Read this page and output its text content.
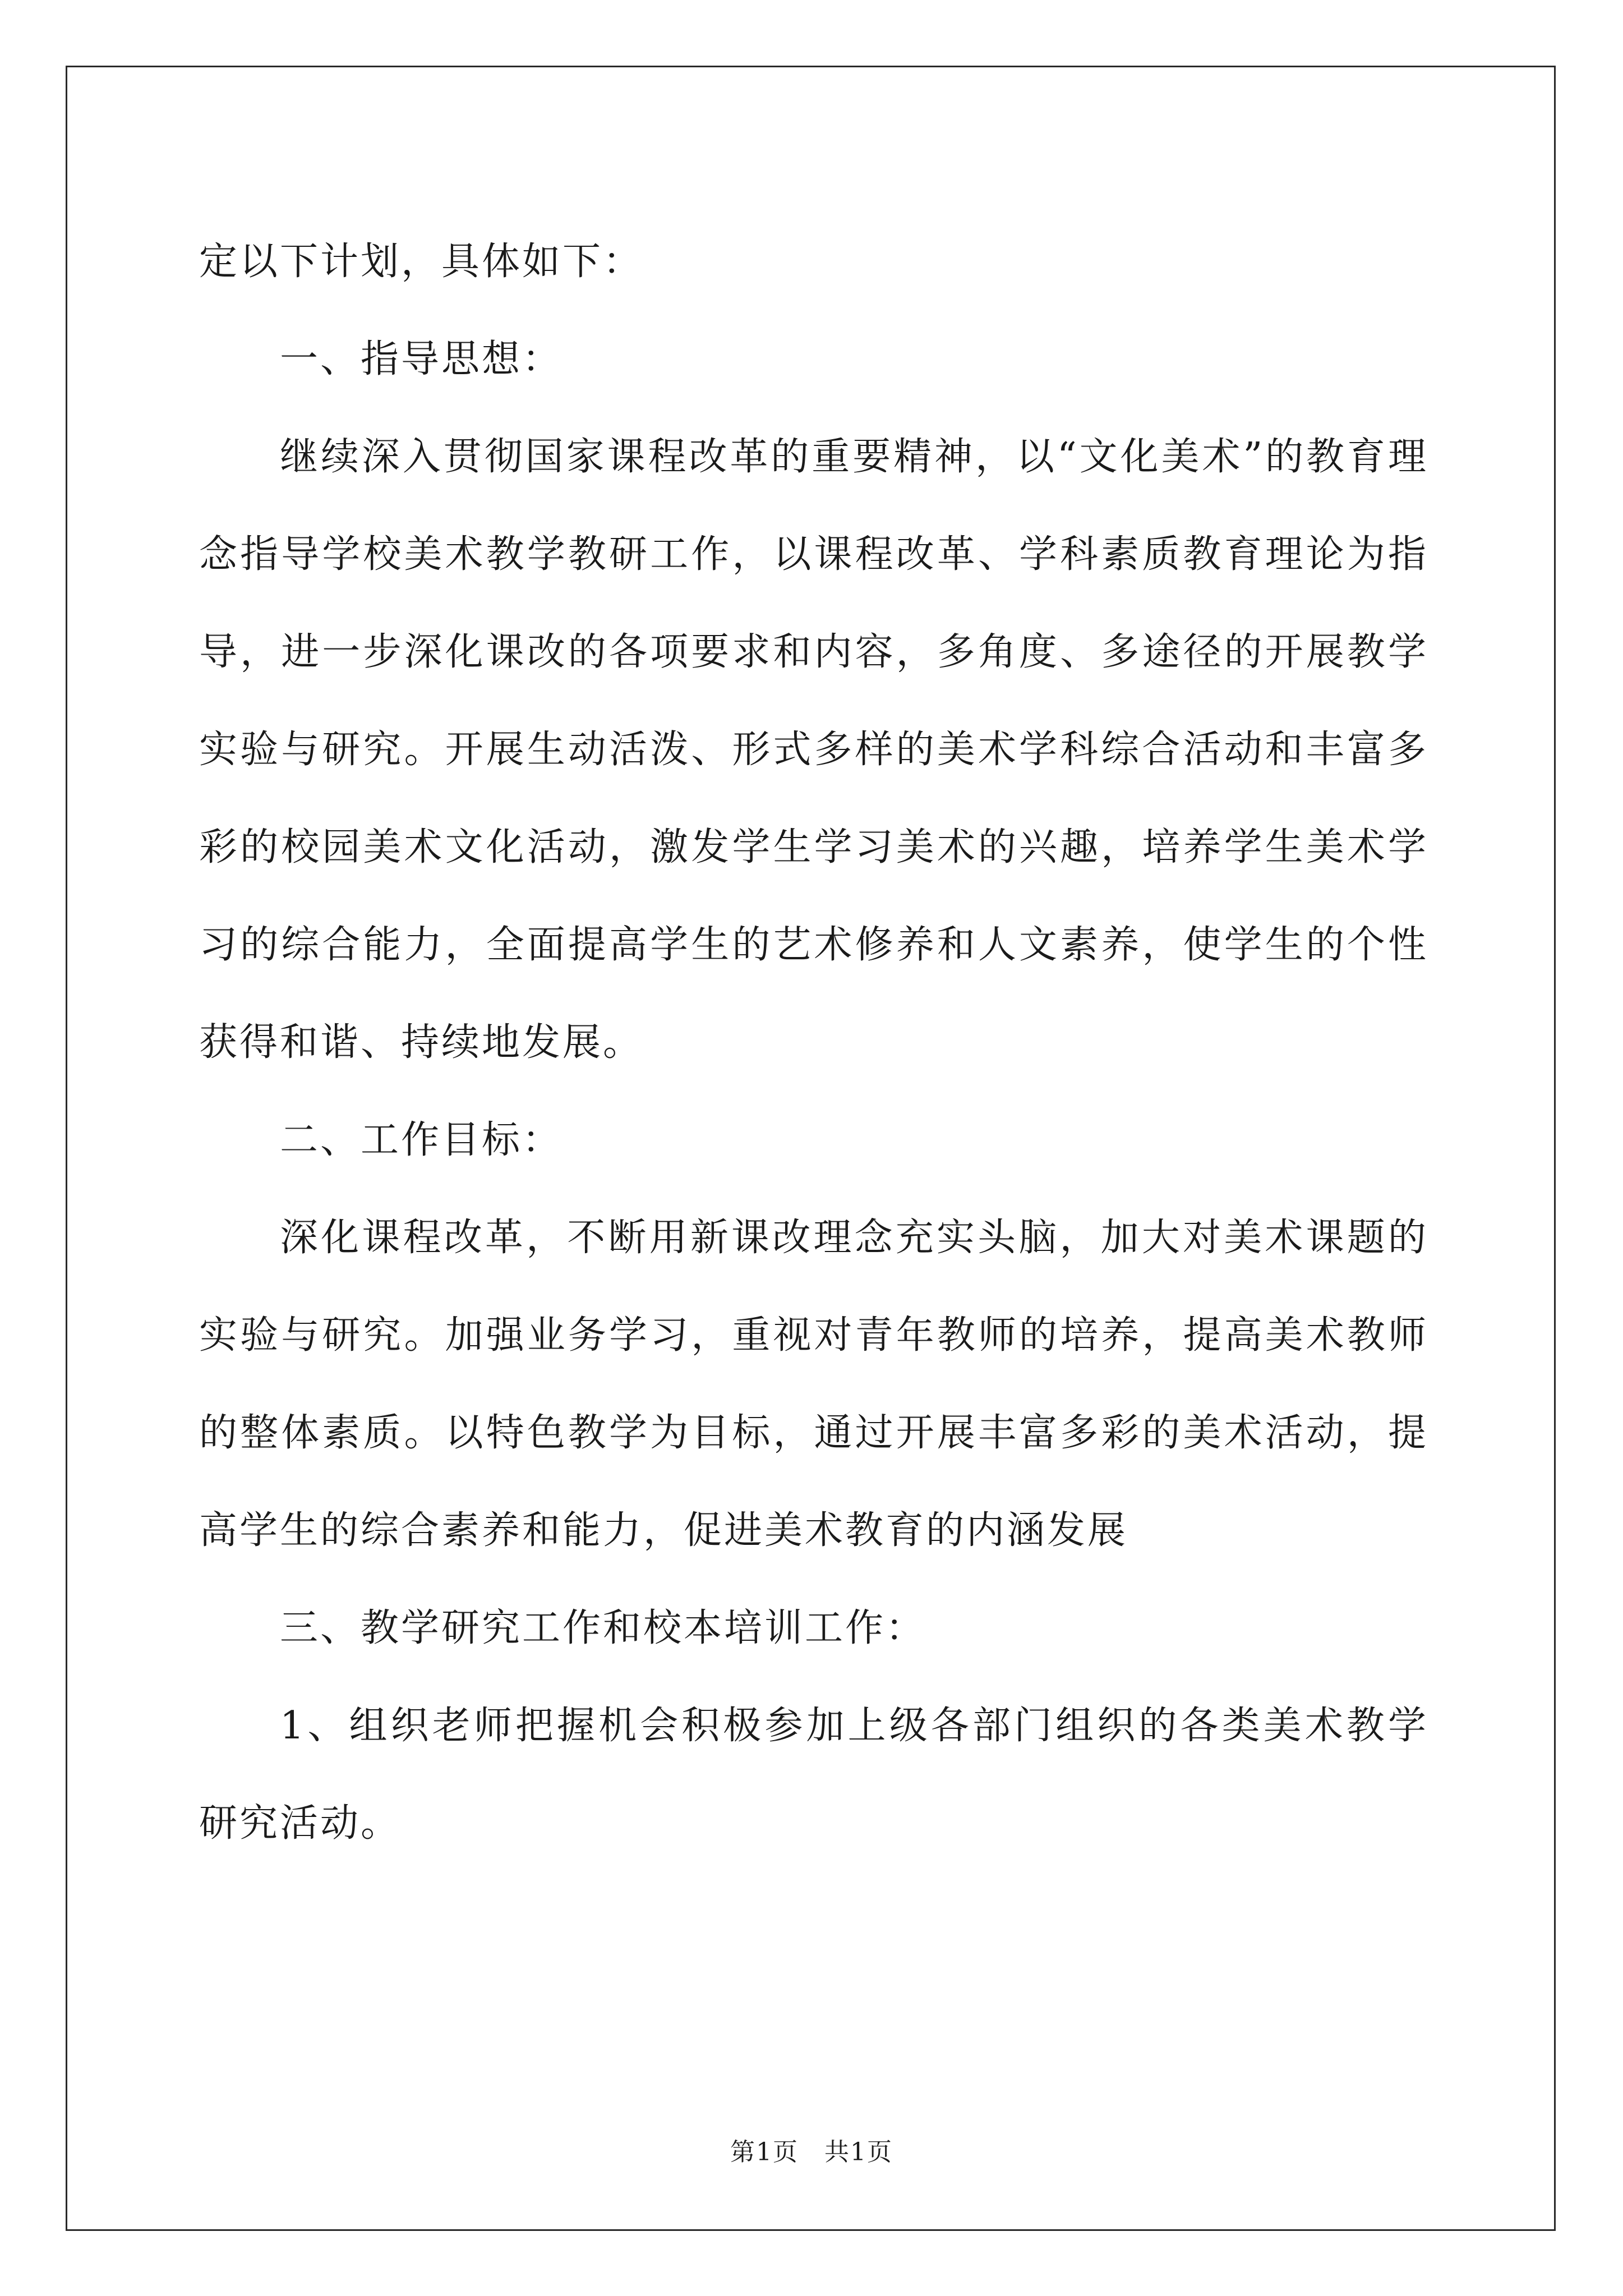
定以下计划，具体如下：

一、指导思想：

继续深入贯彻国家课程改革的重要精神，以“文化美术”的教育理念指导学校美术教学教研工作，以课程改革、学科素质教育理论为指导，进一步深化课改的各项要求和内容，多角度、多途径的开展教学实验与研究。开展生动活泼、形式多样的美术学科综合活动和丰富多彩的校园美术文化活动，激发学生学习美术的兴趣，培养学生美术学习的综合能力，全面提高学生的艺术修养和人文素养，使学生的个性获得和谐、持续地发展。

二、工作目标：

深化课程改革，不断用新课改理念充实头脑，加大对美术课题的实验与研究。加强业务学习，重视对青年教师的培养，提高美术教师的整体素质。以特色教学为目标，通过开展丰富多彩的美术活动，提高学生的综合素养和能力，促进美术教育的内涵发展

三、教学研究工作和校本培训工作：

1、组织老师把握机会积极参加上级各部门组织的各类美术教学研究活动。

第1页　共1页
